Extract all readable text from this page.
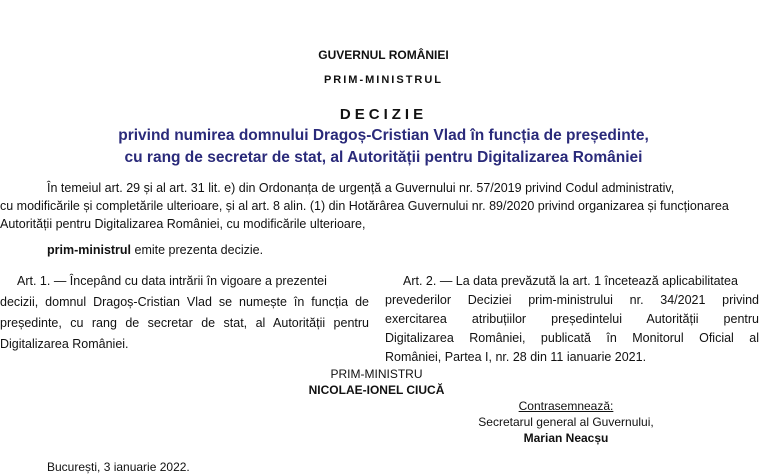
GUVERNUL ROMÂNIEI
PRIM-MINISTRUL
DECIZIE
privind numirea domnului Dragoș-Cristian Vlad în funcția de președinte,
cu rang de secretar de stat, al Autorității pentru Digitalizarea României
În temeiul art. 29 și al art. 31 lit. e) din Ordonanța de urgență a Guvernului nr. 57/2019 privind Codul administrativ,
cu modificările și completările ulterioare, și al art. 8 alin. (1) din Hotărârea Guvernului nr. 89/2020 privind organizarea și funcționarea
Autorității pentru Digitalizarea României, cu modificările ulterioare,
prim-ministrul emite prezenta decizie.
Art. 1. — Începând cu data intrării în vigoare a prezentei
decizii, domnul Dragoș-Cristian Vlad se numește în funcția de
președinte, cu rang de secretar de stat, al Autorității pentru
Digitalizarea României.
Art. 2. — La data prevăzută la art. 1 încetează aplicabilitatea
prevederilor Deciziei prim-ministrului nr. 34/2021 privind
exercitarea atribuțiilor președintelui Autorității pentru
Digitalizarea României, publicată în Monitorul Oficial al
României, Partea I, nr. 28 din 11 ianuarie 2021.
PRIM-MINISTRU
NICOLAE-IONEL CIUCĂ
Contrasemnează:
Secretarul general al Guvernului,
Marian Neacșu
București, 3 ianuarie 2022.
